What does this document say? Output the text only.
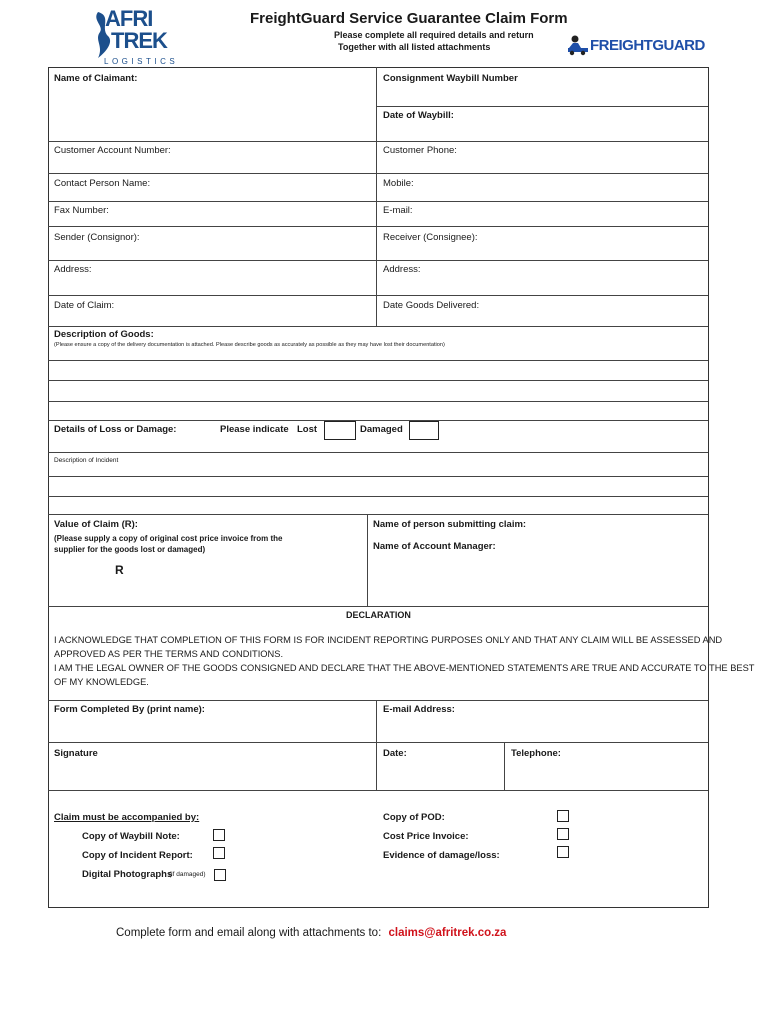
AFRI
TREK
LOGISTICS
FreightGuard Service Guarantee Claim Form
Please complete all required details and return
Together with all listed attachments	FREIGHTGUARD
Name of Claimant:	Consignment Waybill Number
Date of Waybill:
Customer Account Number:	Customer Phone:
Contact Person Name:	Mobile:
Fax Number:	E-mail:
Sender (Consignor):	Receiver (Consignee):
Address:	Address:
Date of Claim:	Date Goods Delivered:
Description of Goods:
(Please ensure a copy of the delivery documentation is attached. Please describe goods as accurately as possible as they may have lost their documentation)
Details of Loss or Damage:	Please indicate Lost	Damaged
Description of Incident
Value of Claim (R):
(Please supply a copy of original cost price invoice from the
supplier for the goods lost or damaged)
R
Name of person submitting claim:
Name of Account Manager:
DECLARATION
I ACKNOWLEDGE THAT COMPLETION OF THIS FORM IS FOR INCIDENT REPORTING PURPOSES ONLY AND THAT ANY CLAIM WILL BE ASSESSED AND
APPROVED AS PER THE TERMS AND CONDITIONS.
I AM THE LEGAL OWNER OF THE GOODS CONSIGNED AND DECLARE THAT THE ABOVE-MENTIONED STATEMENTS ARE TRUE AND ACCURATE TO THE BEST
OF MY KNOWLEDGE.
Form Completed By (print name):	E-mail Address:
Signature	Date:	Telephone:
Claim must be accompanied by:
Copy of Waybill Note:
Copy of Incident Report:
Digital Photographs
(if damaged)
Copy of POD:
Cost Price Invoice:
Evidence of damage/loss:
Complete form and email along with attachments to: claims@afritrek.co.za
